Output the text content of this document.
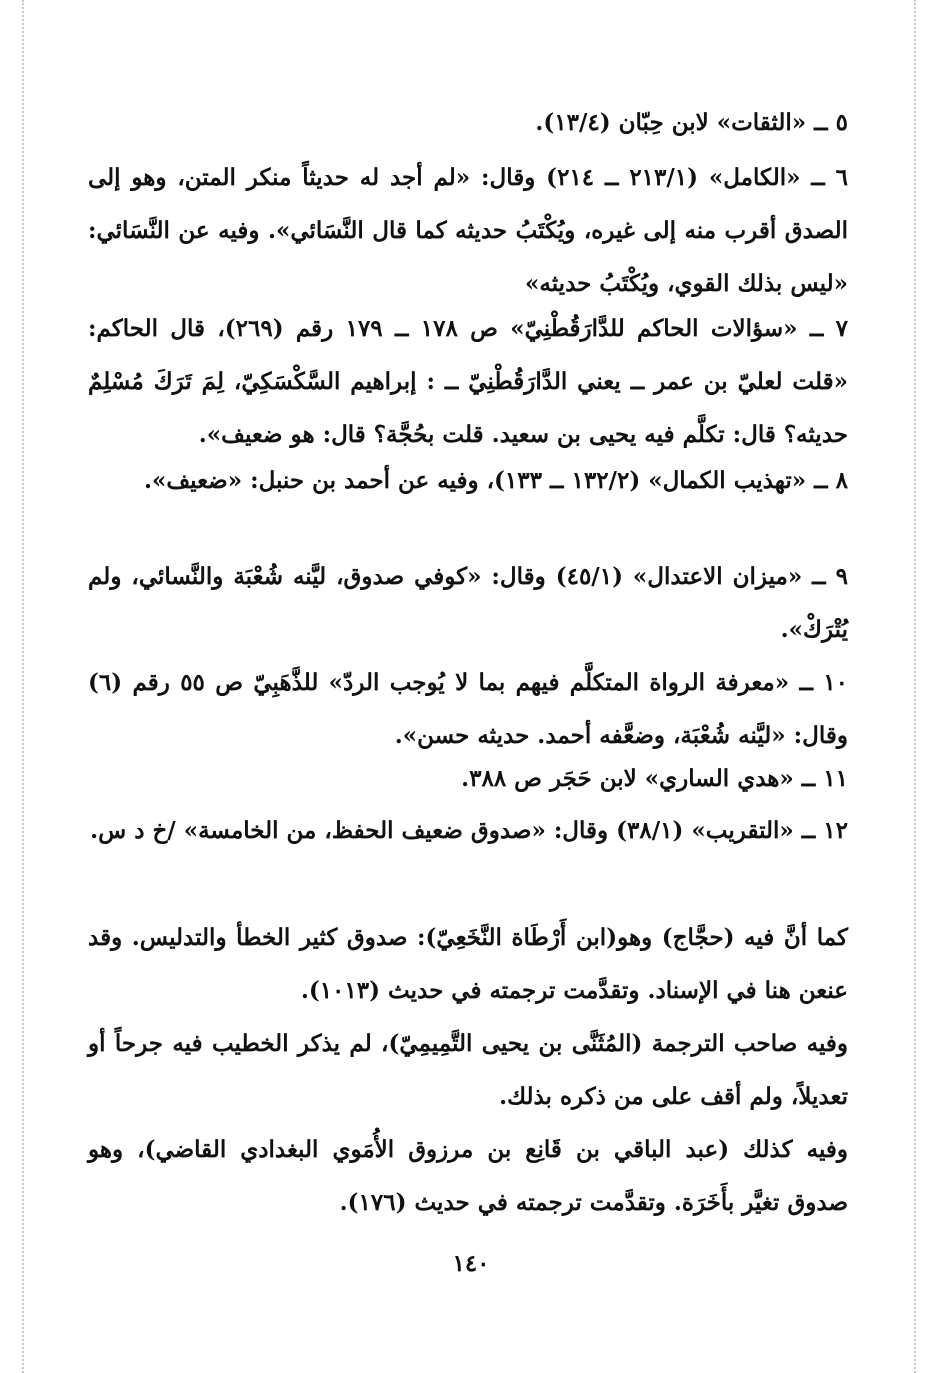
٥ ــ «الثقات» لابن حِبّان (١٣/٤).
٦ ــ «الكامل» (٢١٣/١ ــ ٢١٤) وقال: «لم أجد له حديثاً منكر المتن، وهو إلى الصدق أقرب منه إلى غيره، ويُكْتَبُ حديثه كما قال النَّسَائي». وفيه عن النَّسَائي: «ليس بذلك القوي، ويُكْتَبُ حديثه»
٧ ــ «سؤالات الحاكم للدَّارَقُطْنِيّ» ص ١٧٨ ــ ١٧٩ رقم (٢٦٩)، قال الحاكم: «قلت لعليّ بن عمر ــ يعني الدَّارَقُطْنِيّ ــ : إبراهيم السَّكْسَكِيّ، لِمَ تَرَكَ مُسْلِمٌ حديثه؟ قال: تكلَّم فيه يحيى بن سعيد. قلت بحُجَّة؟ قال: هو ضعيف».
٨ ــ «تهذيب الكمال» (١٣٢/٢ ــ ١٣٣)، وفيه عن أحمد بن حنبل: «ضعيف».
٩ ــ «ميزان الاعتدال» (٤٥/١) وقال: «كوفي صدوق، ليَّنه شُعْبَة والنَّسائي، ولم يُتْرَكْ».
١٠ ــ «معرفة الرواة المتكلَّم فيهم بما لا يُوجب الردّ» للذَّهَبِيّ ص ٥٥ رقم (٦) وقال: «ليَّنه شُعْبَة، وضعَّفه أحمد. حديثه حسن».
١١ ــ «هدي الساري» لابن حَجَر ص ٣٨٨.
١٢ ــ «التقريب» (٣٨/١) وقال: «صدوق ضعيف الحفظ، من الخامسة» /خ د س.
كما أنَّ فيه (حجَّاج) وهو(ابن أَرْطَاة النَّخَعِيّ): صدوق كثير الخطأ والتدليس. وقد عنعن هنا في الإسناد. وتقدَّمت ترجمته في حديث (١٠١٣).
وفيه صاحب الترجمة (المُثَنَّى بن يحيى التَّمِيمِيّ)، لم يذكر الخطيب فيه جرحاً أو تعديلاً، ولم أقف على من ذكره بذلك.
وفيه كذلك (عبد الباقي بن قَانِع بن مرزوق الأُمَوي البغدادي القاضي)، وهو صدوق تغيَّر بأَخَرَة. وتقدَّمت ترجمته في حديث (١٧٦).
١٤٠
